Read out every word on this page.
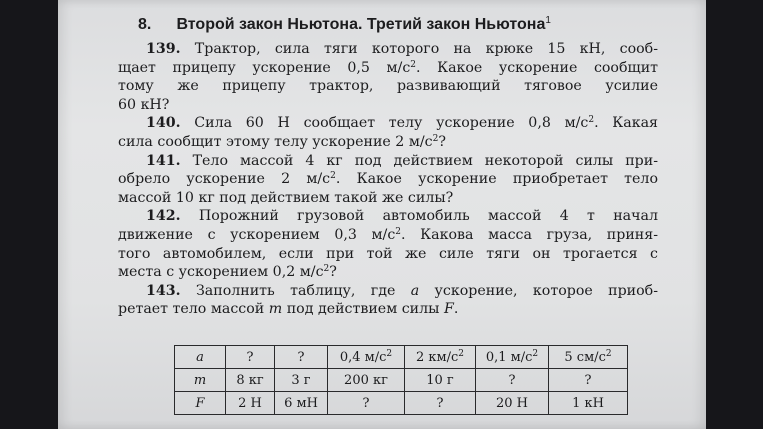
8. Второй закон Ньютона. Третий закон Ньютона$^1$
139. Трактор, сила тяги которого на крюке 15 кН, сооб-
щает прицепу ускорение 0,5 $м/с^2$. Какое ускорение сообщит
тому же прицепу трактор, развивающий тяговое усилие
60 кН?
140. Сила 60 Н сообщает телу ускорение 0,8 $м/с^2$. Какая
сила сообщит этому телу ускорение 2 $м/с^2$?
141. Тело массой 4 кг под действием некоторой силы при-
обрело ускорение 2 $м/с^2$. Какое ускорение приобретает тело
массой 10 кг под действием такой же силы?
142. Порожний грузовой автомобиль массой 4 т начал
движение с ускорением 0,3 $м/с^2$. Какова масса груза, приня-
того автомобилем, если при той же силе тяги он трогается с
места с ускорением 0,2 $м/с^2$?
143. Заполнить таблицу, где a ускорение, которое приоб-
ретает тело массой m под действием силы F.
a	?	?	0,4 $м/с^2$	2 $км/с^2$	0,1 $м/с^2$	5 $см/с^2$
m	8 кг	3 г	200 кг	10 г	?	?
F	2 Н	6 мН	?	?	20 Н	1 кН
